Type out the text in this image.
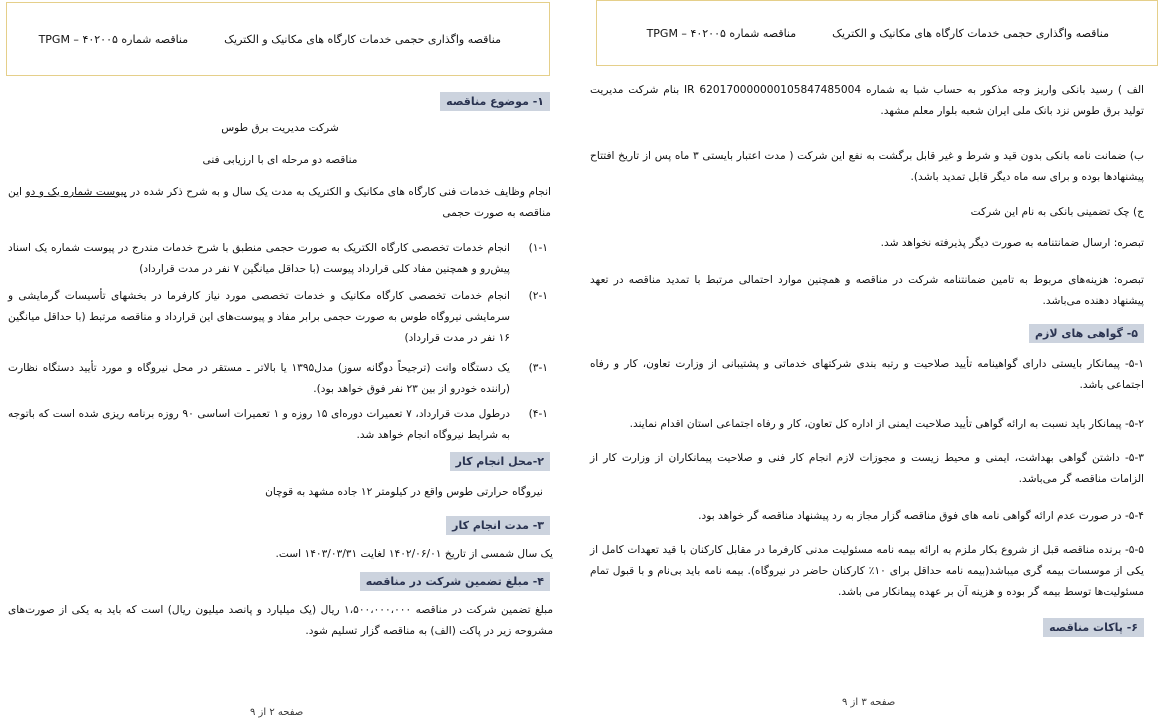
مناقصه واگذاری حجمی خدمات کارگاه های مکانیک و الکتریک
مناقصه شماره ۴۰۲۰۰۵ – TPGM
۱- موضوع مناقصه
شرکت مدیریت برق طوس
مناقصه دو مرحله ای با ارزیابی فنی
انجام وظایف خدمات فنی کارگاه های مکانیک و الکتریک به مدت یک سال و به شرح ذکر شده در پیوست شماره یک و دو این مناقصه به صورت حجمی
۱-۱)
انجام خدمات تخصصی کارگاه الکتریک به صورت حجمی منطبق با شرح خدمات مندرج در پیوست شماره یک اسناد پیش‌رو و همچنین مفاد کلی قرارداد پیوست (با حداقل میانگین ۷ نفر در مدت قرارداد)
۲-۱)
انجام خدمات تخصصی کارگاه مکانیک و خدمات تخصصی مورد نیاز کارفرما در بخشهای تأسیسات گرمایشی و سرمایشی نیروگاه طوس به صورت حجمی برابر مفاد و پیوست‌های این قرارداد و مناقصه مرتبط (با حداقل میانگین ۱۶ نفر در مدت قرارداد)
۳-۱)
یک دستگاه وانت (ترجیحاً دوگانه سوز) مدل۱۳۹۵ یا بالاتر ـ مستقر در محل نیروگاه و مورد تأیید دستگاه نظارت (راننده خودرو از بین ۲۳ نفر فوق خواهد بود).
۴-۱)
درطول مدت قرارداد، ۷ تعمیرات دوره‌ای ۱۵ روزه و ۱ تعمیرات اساسی ۹۰ روزه برنامه ریزی شده است که باتوجه به شرایط نیروگاه انجام خواهد شد.
۲-محل انجام کار
نیروگاه حرارتی طوس واقع در کیلومتر ۱۲ جاده مشهد به قوچان
۳- مدت انجام کار
یک سال شمسی از تاریخ ۱۴۰۲/۰۶/۰۱ لغایت ۱۴۰۳/۰۳/۳۱ است.
۴- مبلغ تضمین شرکت در مناقصه
مبلغ تضمین شرکت در مناقصه ۱،۵۰۰،۰۰۰،۰۰۰ ریال (یک میلیارد و پانصد میلیون ریال) است که باید به یکی از صورت‌های مشروحه زیر در پاکت (الف) به مناقصه گزار تسلیم شود.
صفحه ۲ از ۹
مناقصه واگذاری حجمی خدمات کارگاه های مکانیک و الکتریک
مناقصه شماره ۴۰۲۰۰۵ – TPGM
الف ) رسید بانکی واریز وجه مذکور به حساب شبا به شماره IR 620170000000105847485004 بنام شرکت مدیریت تولید برق طوس نزد بانک ملی ایران شعبه بلوار معلم مشهد.
ب) ضمانت نامه بانکی بدون قید و شرط و غیر قابل برگشت به نفع این شرکت ( مدت اعتبار بایستی ۳ ماه پس از تاریخ افتتاح پیشنهادها بوده و برای سه ماه دیگر قابل تمدید باشد).
ج) چک تضمینی بانکی به نام این شرکت
تبصره: ارسال ضمانتنامه به صورت دیگر پذیرفته نخواهد شد.
تبصره: هزینه‌های مربوط به تامین ضمانتنامه شرکت در مناقصه و همچنین موارد احتمالی مرتبط با تمدید مناقصه در تعهد پیشنهاد دهنده می‌باشد.
۵- گواهی های لازم
۵-۱- پیمانکار بایستی دارای گواهینامه تأیید صلاحیت و رتبه بندی شرکتهای خدماتی و پشتیبانی از وزارت تعاون، کار و رفاه اجتماعی باشد.
۵-۲- پیمانکار باید نسبت به ارائه گواهی تأیید صلاحیت ایمنی از اداره کل تعاون، کار و رفاه اجتماعی استان اقدام نمایند.
۵-۳- داشتن گواهی بهداشت، ایمنی و محیط زیست و مجوزات لازم انجام کار فنی و صلاحیت پیمانکاران از وزارت کار از الزامات مناقصه گر می‌باشد.
۵-۴- در صورت عدم ارائه گواهی نامه های فوق مناقصه گزار مجاز به رد پیشنهاد مناقصه گر خواهد بود.
۵-۵- برنده مناقصه قبل از شروع بکار ملزم به ارائه بیمه نامه مسئولیت مدنی کارفرما در مقابل کارکنان با قید تعهدات کامل از یکی از موسسات بیمه گری میباشد(بیمه نامه حداقل برای ۱۰٪ کارکنان حاضر در نیروگاه). بیمه نامه باید بی‌نام و با قبول تمام مسئولیت‌ها توسط بیمه گر بوده و هزینه آن بر عهده پیمانکار می باشد.
۶- پاکات مناقصه
صفحه ۳ از ۹
